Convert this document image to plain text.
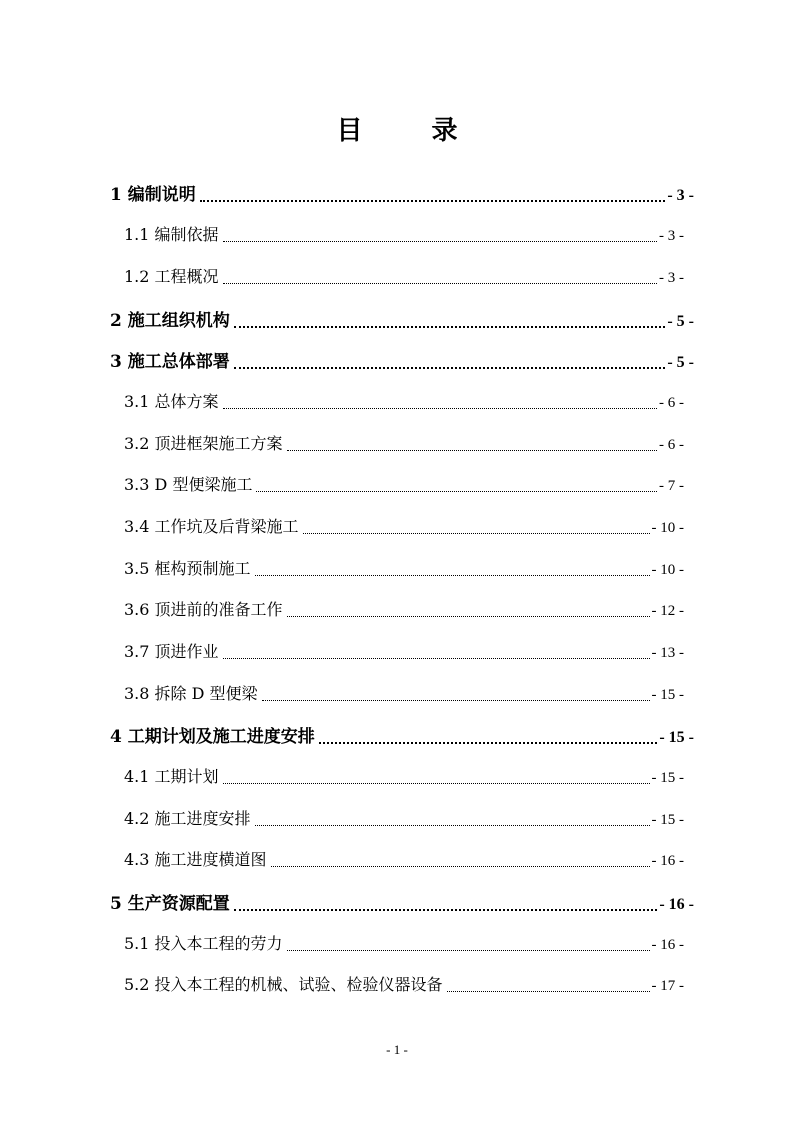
目 录
1 编制说明	- 3 -
1.1 编制依据	- 3 -
1.2 工程概况	- 3 -
2 施工组织机构	- 5 -
3 施工总体部署	- 5 -
3.1 总体方案	- 6 -
3.2 顶进框架施工方案	- 6 -
3.3 D 型便梁施工	- 7 -
3.4 工作坑及后背梁施工	- 10 -
3.5 框构预制施工	- 10 -
3.6 顶进前的准备工作	- 12 -
3.7 顶进作业	- 13 -
3.8 拆除 D 型便梁	- 15 -
4 工期计划及施工进度安排	- 15 -
4.1 工期计划	- 15 -
4.2 施工进度安排	- 15 -
4.3 施工进度横道图	- 16 -
5 生产资源配置	- 16 -
5.1 投入本工程的劳力	- 16 -
5.2 投入本工程的机械、试验、检验仪器设备	- 17 -
- 1 -
